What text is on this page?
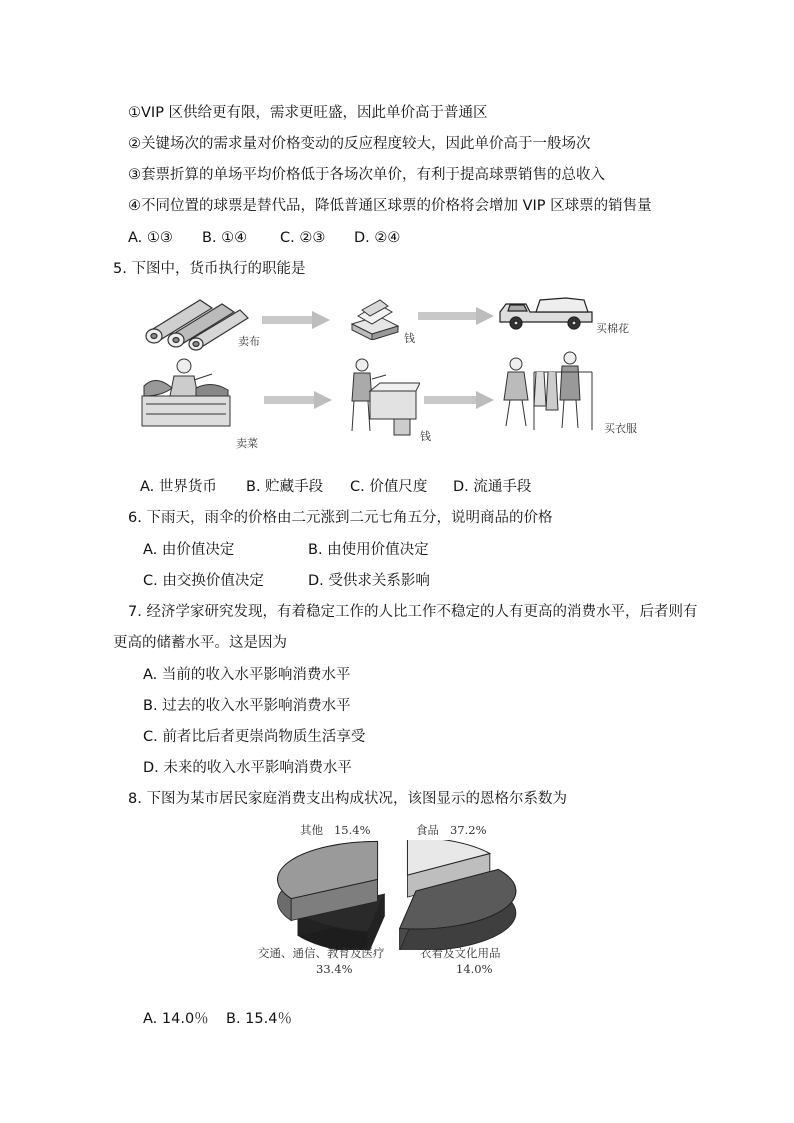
①VIP 区供给更有限，需求更旺盛，因此单价高于普通区
②关键场次的需求量对价格变动的反应程度较大，因此单价高于一般场次
③套票折算的单场平均价格低于各场次单价，有利于提高球票销售的总收入
④不同位置的球票是替代品，降低普通区球票的价格将会增加 VIP 区球票的销售量
A. ①③ B. ①④ C. ②③ D. ②④
5. 下图中，货币执行的职能是
卖布	钱
买棉花
卖菜
钱
买衣服
A. 世界货币 B. 贮藏手段 C. 价值尺度 D. 流通手段
6. 下雨天，雨伞的价格由二元涨到二元七角五分，说明商品的价格
A. 由价值决定	B. 由使用价值决定
C. 由交换价值决定	D. 受供求关系影响
7. 经济学家研究发现，有着稳定工作的人比工作不稳定的人有更高的消费水平，后者则有
更高的储蓄水平。这是因为
A. 当前的收入水平影响消费水平
B. 过去的收入水平影响消费水平
C. 前者比后者更崇尚物质生活享受
D. 未来的收入水平影响消费水平
8. 下图为某市居民家庭消费支出构成状况，该图显示的恩格尔系数为
其他 15.4%	食品 37.2%
交通、通信、教育及医疗
33.4%
衣着及文化用品
14.0%
A. 14.0％ B. 15.4％
